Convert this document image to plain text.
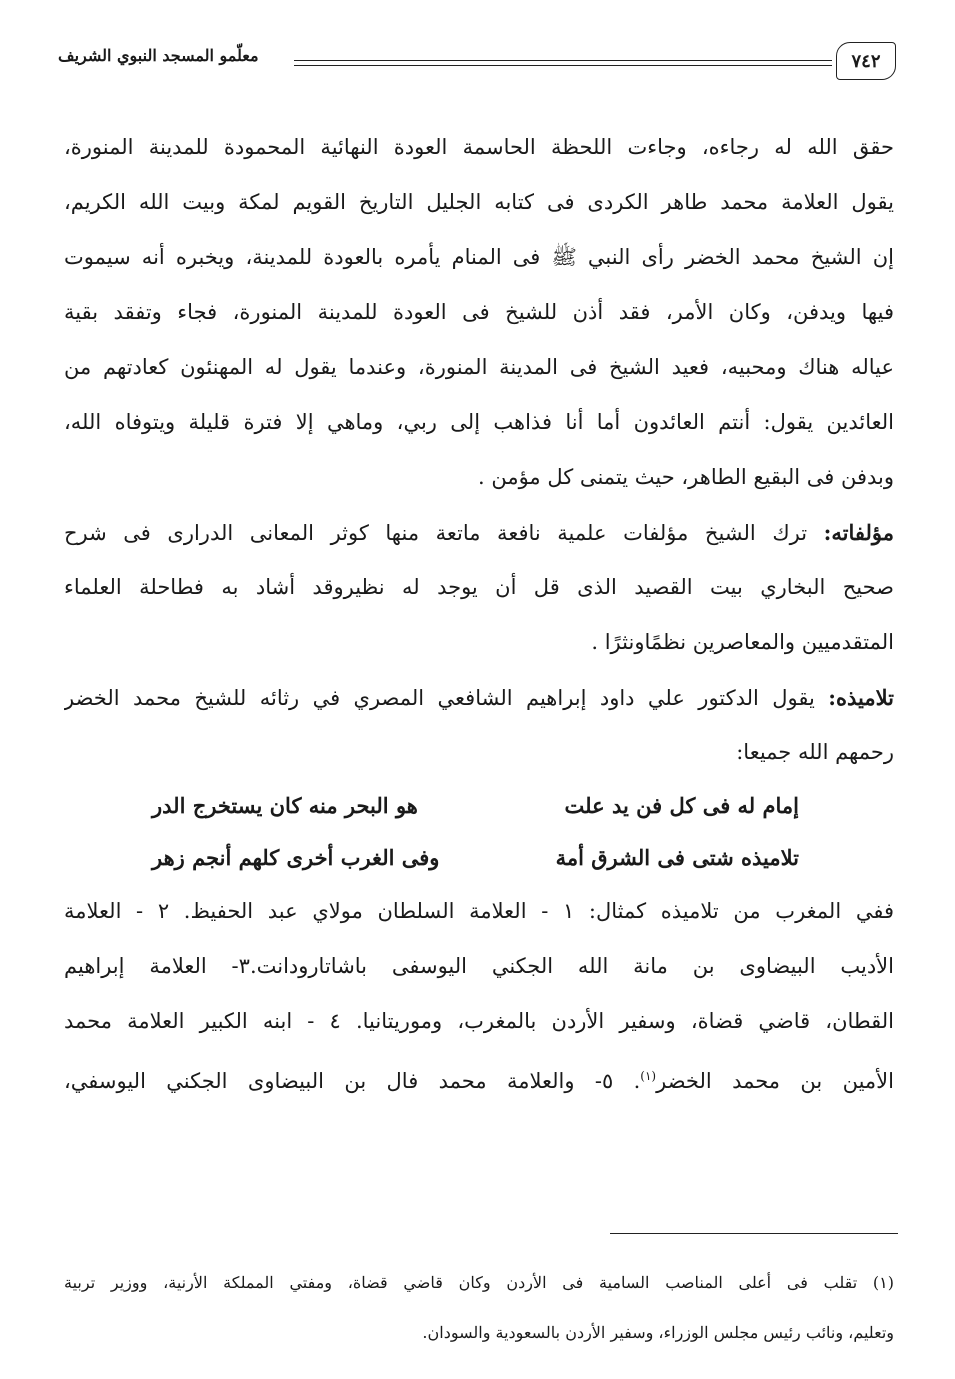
معلّمو المسجد النبوي الشريف	٧٤٢
حقق الله له رجاءه، وجاءت اللحظة الحاسمة العودة النهائية المحمودة للمدينة المنورة،
يقول العلامة محمد طاهر الكردى فى كتابه الجليل التاريخ القويم لمكة وبيت الله الكريم،
إن الشيخ محمد الخضر رأى النبي ﷺ فى المنام يأمره بالعودة للمدينة، ويخبره أنه سيموت
فيها ويدفن، وكان الأمر، فقد أذن للشيخ فى العودة للمدينة المنورة، فجاء وتفقد بقية
عياله هناك ومحبيه، فعيد الشيخ فى المدينة المنورة، وعندما يقول له المهنئون كعادتهم من
العائدين يقول: أنتم العائدون أما أنا فذاهب إلى ربي، وماهي إلا فترة قليلة ويتوفاه الله،
وبدفن فى البقيع الطاهر، حيث يتمنى كل مؤمن .
مؤلفاته: ترك الشيخ مؤلفات علمية نافعة ماتعة منها كوثر المعانى الدرارى فى شرح
صحيح البخاري بيت القصيد الذى قل أن يوجد له نظيروقد أشاد به فطاحلة العلماء
المتقدميين والمعاصرين نظمًاونثرًا .
تلاميذه: يقول الدكتور علي داود إبراهيم الشافعي المصري في رثائه للشيخ محمد الخضر
رحمهم الله جميعا:
إمام له فى كل فن يد علت
هو البحر منه كان يستخرج الدر
تلاميذه شتى فى الشرق أمة
وفى الغرب أخرى كلهم أنجم زهر
ففي المغرب من تلاميذه كمثال: ١ - العلامة السلطان مولاي عبد الحفيظ. ٢ - العلامة
الأديب البيضاوى بن مانة الله الجكني اليوسفى باشاتارودانت.٣- العلامة إبراهيم
القطان، قاضي قضاة، وسفير الأردن بالمغرب، وموريتانيا. ٤ - ابنه الكبير العلامة محمد
الأمين بن محمد الخضر$^{(١)}$. ٥- والعلامة محمد فال بن البيضاوى الجكني اليوسفي،
(١) تقلب فى أعلى المناصب السامية فى الأردن وكان قاضي قضاة، ومفتي المملكة الأرنية، ووزير تربية
وتعليم، ونائب رئيس مجلس الوزراء، وسفير الأردن بالسعودية والسودان.
